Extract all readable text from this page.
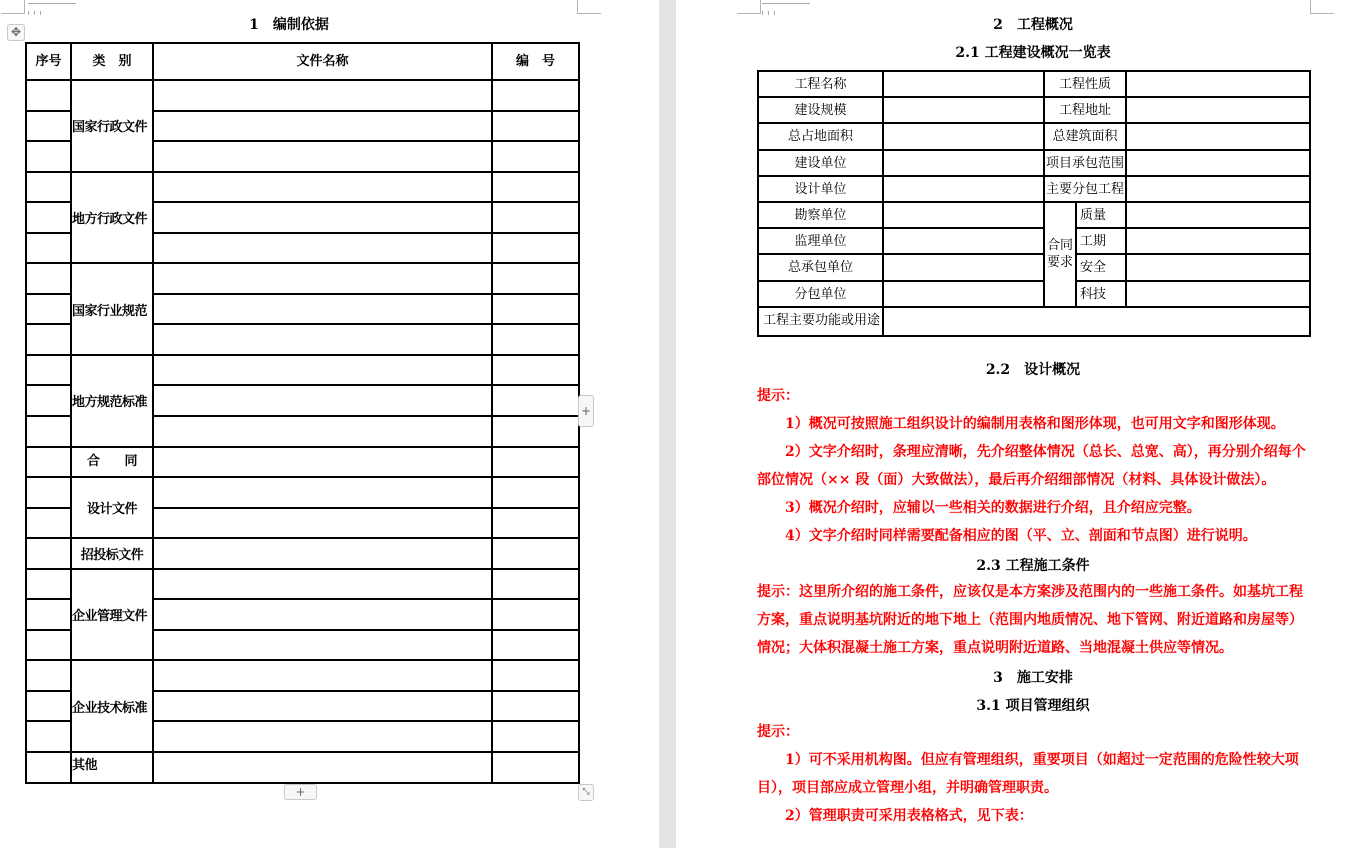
1　编制依据
✥
序号	类　别	文件名称	编　号
	国家行政文件		

	地方行政文件		

	国家行业规范		

	地方规范标准		

	合　　同		
	设计文件		

	招投标文件		
	企业管理文件		

	企业技术标准		

	其他		
+
+
⤡
2　工程概况
2.1 工程建设概况一览表
工程名称		工程性质		
建设规模		工程地址		
总占地面积		总建筑面积		
建设单位		项目承包范围		
设计单位		主要分包工程		
勘察单位		合同要求	质量	
监理单位			工期	
总承包单位			安全	
分包单位			科技	
工程主要功能或用途				
2.2　设计概况
提示：
1）概况可按照施工组织设计的编制用表格和图形体现，也可用文字和图形体现。
2）文字介绍时，条理应清晰，先介绍整体情况（总长、总宽、高），再分别介绍每个部位情况（×× 段（面）大致做法），最后再介绍细部情况（材料、具体设计做法）。
3）概况介绍时，应辅以一些相关的数据进行介绍，且介绍应完整。
4）文字介绍时同样需要配备相应的图（平、立、剖面和节点图）进行说明。
2.3 工程施工条件
提示：这里所介绍的施工条件，应该仅是本方案涉及范围内的一些施工条件。如基坑工程方案，重点说明基坑附近的地下地上（范围内地质情况、地下管网、附近道路和房屋等）情况；大体积混凝土施工方案，重点说明附近道路、当地混凝土供应等情况。
3　施工安排
3.1 项目管理组织
提示：
1）可不采用机构图。但应有管理组织，重要项目（如超过一定范围的危险性较大项目），项目部应成立管理小组，并明确管理职责。
2）管理职责可采用表格格式，见下表：
